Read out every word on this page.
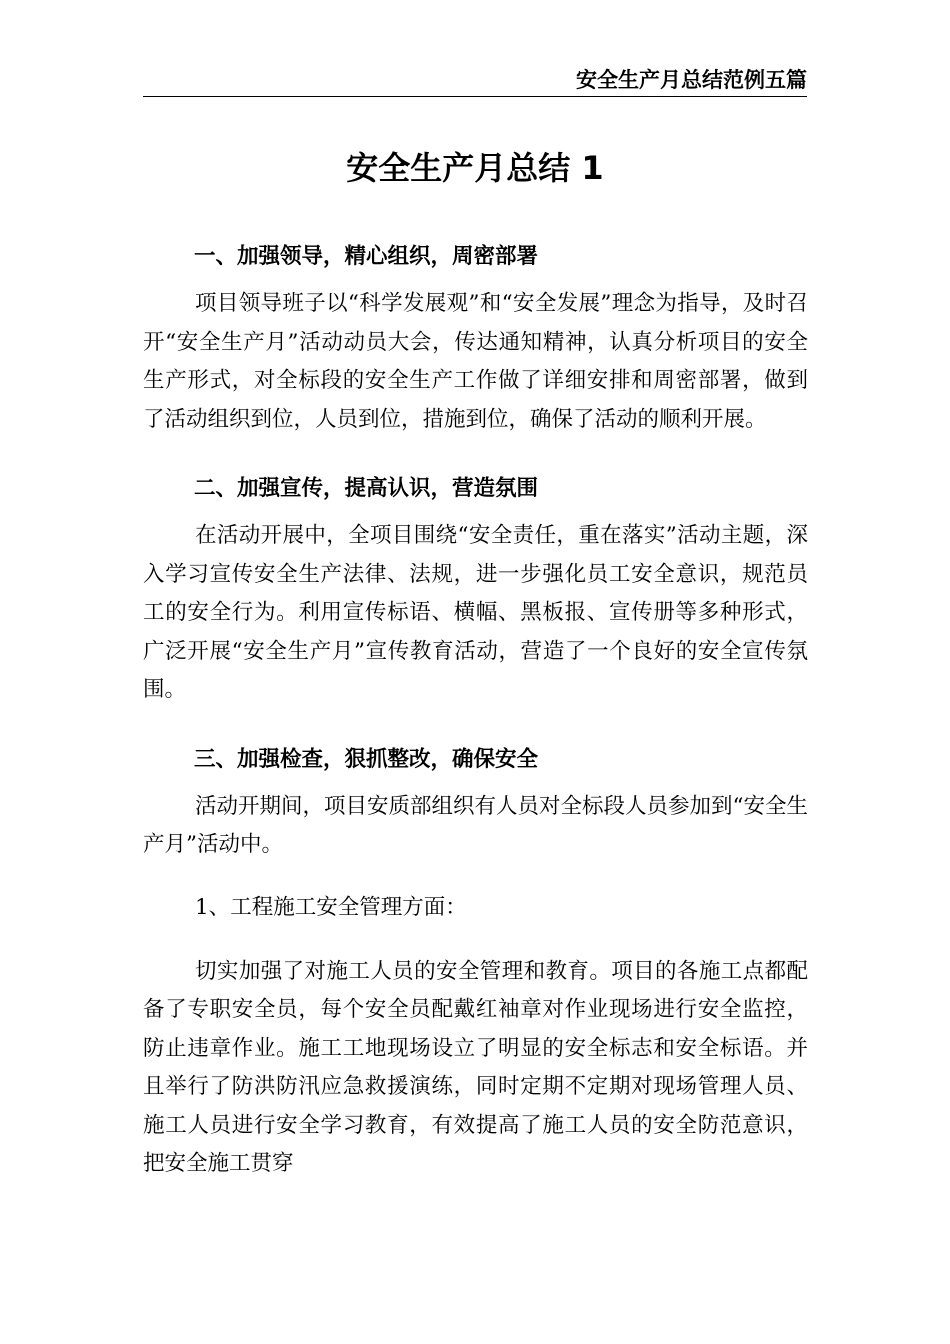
安全生产月总结范例五篇
安全生产月总结 1
一、加强领导，精心组织，周密部署

项目领导班子以“科学发展观”和“安全发展”理念为指导，及时召开“安全生产月”活动动员大会，传达通知精神，认真分析项目的安全生产形式，对全标段的安全生产工作做了详细安排和周密部署，做到了活动组织到位，人员到位，措施到位，确保了活动的顺利开展。

二、加强宣传，提高认识，营造氛围

在活动开展中，全项目围绕“安全责任，重在落实”活动主题，深入学习宣传安全生产法律、法规，进一步强化员工安全意识，规范员工的安全行为。利用宣传标语、横幅、黑板报、宣传册等多种形式，广泛开展“安全生产月”宣传教育活动，营造了一个良好的安全宣传氛围。

三、加强检查，狠抓整改，确保安全

活动开期间，项目安质部组织有人员对全标段人员参加到“安全生产月”活动中。

1、工程施工安全管理方面：

切实加强了对施工人员的安全管理和教育。项目的各施工点都配备了专职安全员，每个安全员配戴红袖章对作业现场进行安全监控，防止违章作业。施工工地现场设立了明显的安全标志和安全标语。并且举行了防洪防汛应急救援演练，同时定期不定期对现场管理人员、施工人员进行安全学习教育，有效提高了施工人员的安全防范意识，把安全施工贯穿
